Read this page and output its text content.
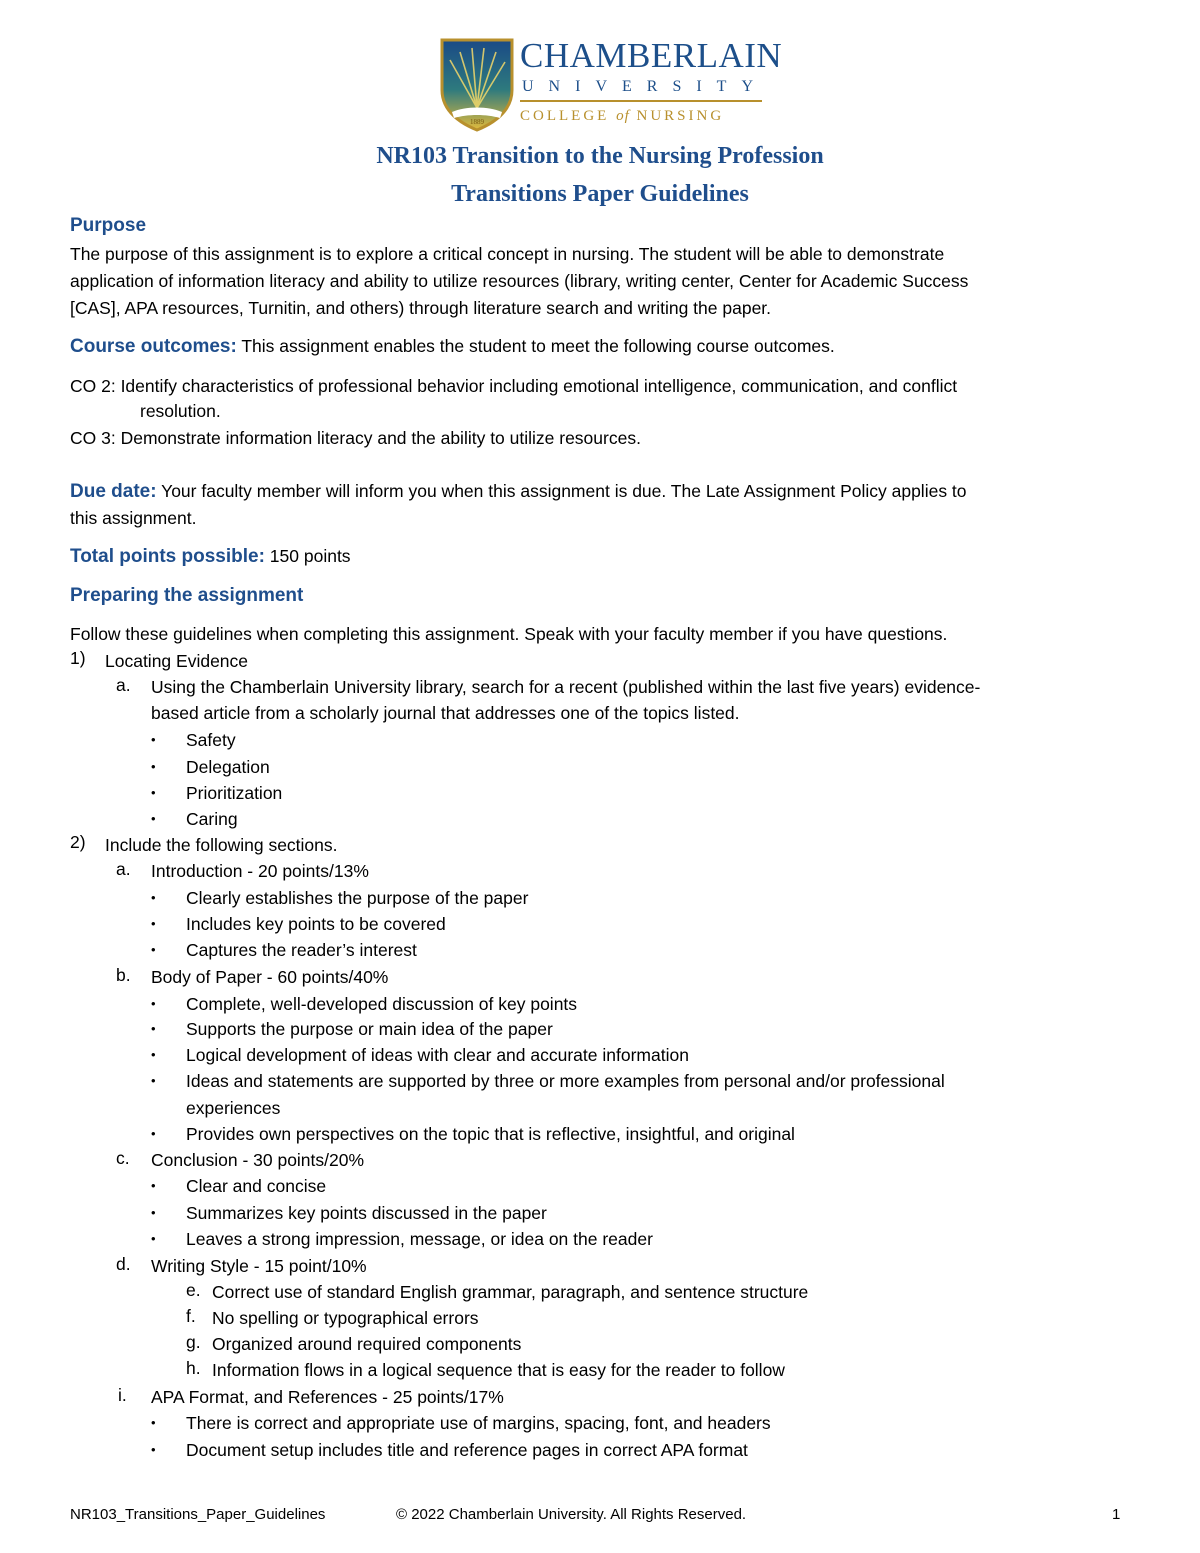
1889
CHAMBERLAIN
UNIVERSITY
COLLEGE of NURSING
NR103 Transition to the Nursing Profession
Transitions Paper Guidelines
Purpose
The purpose of this assignment is to explore a critical concept in nursing. The student will be able to demonstrate
application of information literacy and ability to utilize resources (library, writing center, Center for Academic Success
[CAS], APA resources, Turnitin, and others) through literature search and writing the paper.
Course outcomes: This assignment enables the student to meet the following course outcomes.
CO 2: Identify characteristics of professional behavior including emotional intelligence, communication, and conflict
resolution.
CO 3: Demonstrate information literacy and the ability to utilize resources.
Due date: Your faculty member will inform you when this assignment is due. The Late Assignment Policy applies to
this assignment.
Total points possible: 150 points
Preparing the assignment
Follow these guidelines when completing this assignment. Speak with your faculty member if you have questions.
1) Locating Evidence
a. Using the Chamberlain University library, search for a recent (published within the last five years) evidence-
based article from a scholarly journal that addresses one of the topics listed.
• Safety
• Delegation
• Prioritization
• Caring
2) Include the following sections.
a. Introduction - 20 points/13%
• Clearly establishes the purpose of the paper
• Includes key points to be covered
• Captures the reader’s interest
b. Body of Paper - 60 points/40%
• Complete, well-developed discussion of key points
• Supports the purpose or main idea of the paper
• Logical development of ideas with clear and accurate information
• Ideas and statements are supported by three or more examples from personal and/or professional
experiences
• Provides own perspectives on the topic that is reflective, insightful, and original
c. Conclusion - 30 points/20%
• Clear and concise
• Summarizes key points discussed in the paper
• Leaves a strong impression, message, or idea on the reader
d. Writing Style - 15 point/10%
e. Correct use of standard English grammar, paragraph, and sentence structure
f. No spelling or typographical errors
g. Organized around required components
h. Information flows in a logical sequence that is easy for the reader to follow
i. APA Format, and References - 25 points/17%
• There is correct and appropriate use of margins, spacing, font, and headers
• Document setup includes title and reference pages in correct APA format
NR103_Transitions_Paper_Guidelines	© 2022 Chamberlain University. All Rights Reserved.	1
